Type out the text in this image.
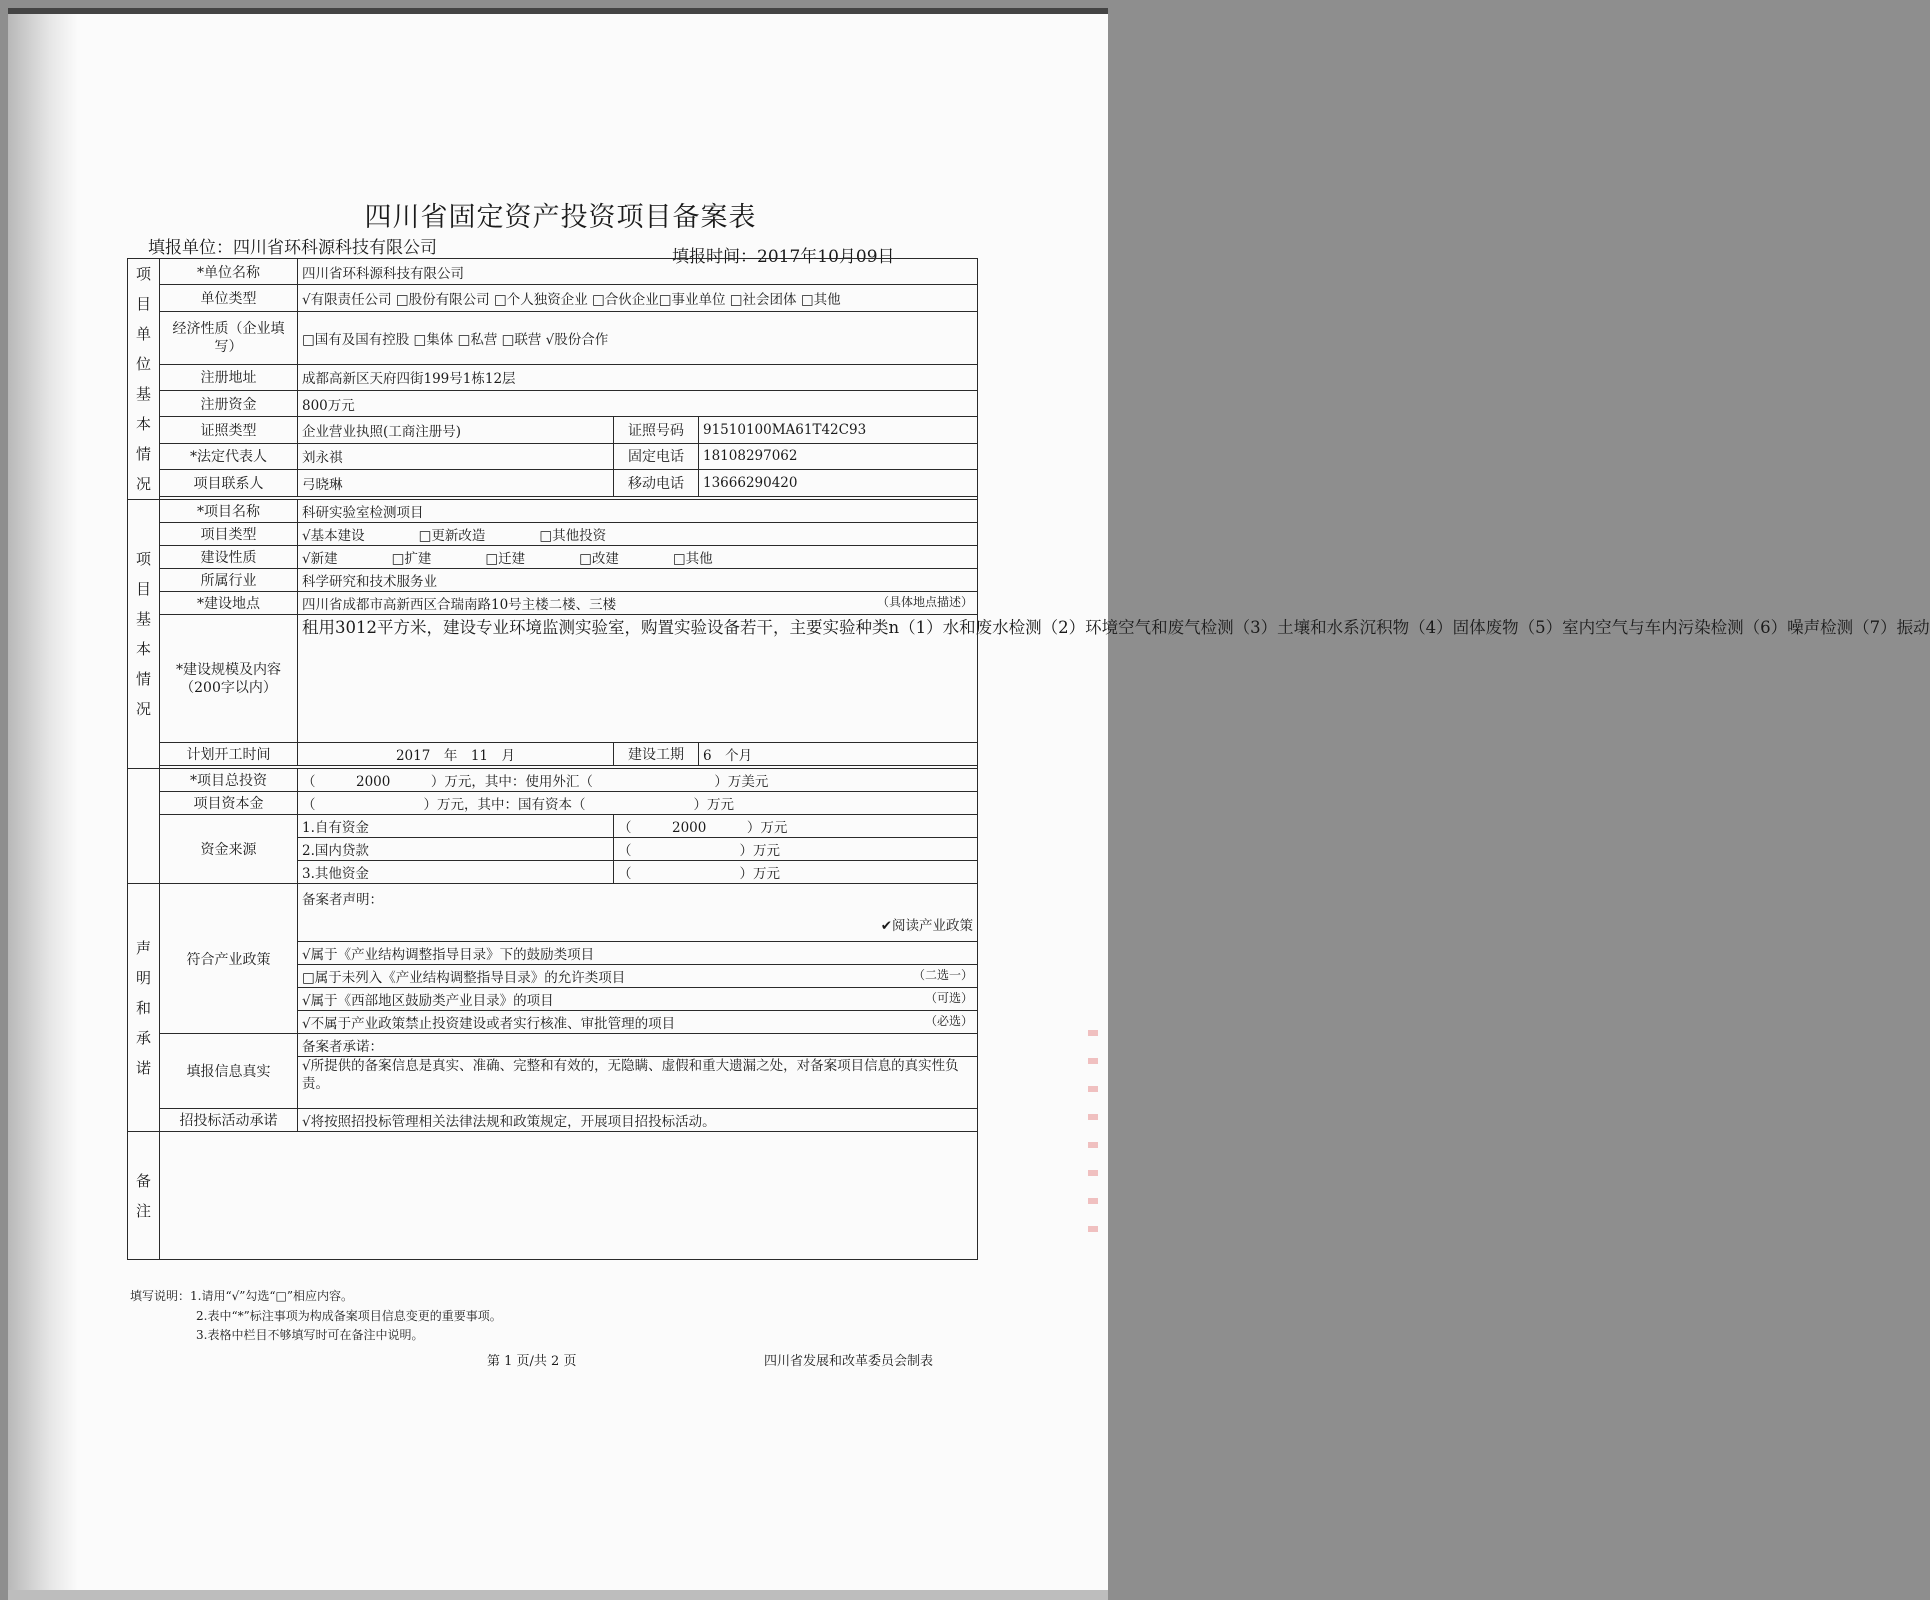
四川省固定资产投资项目备案表
填报单位：四川省环科源科技有限公司	填报时间：2017年10月09日
项目单位基本情况	*单位名称	四川省环科源科技有限公司		
	单位类型	√有限责任公司 □股份有限公司 □个人独资企业 □合伙企业□事业单位 □社会团体 □其他		
	经济性质（企业填写）	□国有及国有控股 □集体 □私营 □联营 √股份合作		
	注册地址	成都高新区天府四街199号1栋12层		
	注册资金	800万元		
	证照类型	企业营业执照(工商注册号)	证照号码	91510100MA61T42C93
	*法定代表人	刘永祺	固定电话	18108297062
	项目联系人	弓晓琳	移动电话	13666290420

项目基本情况	*项目名称	科研实验室检测项目		
	项目类型	√基本建设　　　　□更新改造　　　　□其他投资		
	建设性质	√新建　　　　□扩建　　　　□迁建　　　　□改建　　　　□其他		
	所属行业	科学研究和技术服务业		
	*建设地点	四川省成都市高新西区合瑞南路10号主楼二楼、三楼 （具体地点描述）		

	*建设规模及内容（200字以内）	租用3012平方米，建设专业环境监测实验室，购置实验设备若干，主要实验种类n（1）水和废水检测（2）环境空气和废气检测（3）土壤和水系沉积物（4）固体废物（5）室内空气与车内污染检测（6）噪声检测（7）振动		
	计划开工时间	2017　年　11　月	建设工期	6　个月

	*项目总投资	（　　　2000　　　）万元，其中：使用外汇（　　　　　　　　　）万美元		
	项目资本金	（　　　　　　　　）万元，其中：国有资本（　　　　　　　　）万元		
	资金来源	1.自有资金	（　　　2000　　　）万元	
		2.国内贷款	（　　　　　　　　）万元	
		3.其他资金	（　　　　　　　　）万元	

声明和承诺	符合产业政策	备案者声明：
✔阅读产业政策		

		√属于《产业结构调整指导目录》下的鼓励类项目		
		□属于未列入《产业结构调整指导目录》的允许类项目 （二选一）		

		√属于《西部地区鼓励类产业目录》的项目 （可选）		

		√不属于产业政策禁止投资建设或者实行核准、审批管理的项目 （必选）		

	填报信息真实	备案者承诺：		
		√所提供的备案信息是真实、准确、完整和有效的，无隐瞒、虚假和重大遗漏之处，对备案项目信息的真实性负责。		
	招投标活动承诺	√将按照招投标管理相关法律法规和政策规定，开展项目招投标活动。		

备注				

填写说明：1.请用“√”勾选“□”相应内容。
2.表中“*”标注事项为构成备案项目信息变更的重要事项。
3.表格中栏目不够填写时可在备注中说明。
第 1 页/共 2 页	四川省发展和改革委员会制表
